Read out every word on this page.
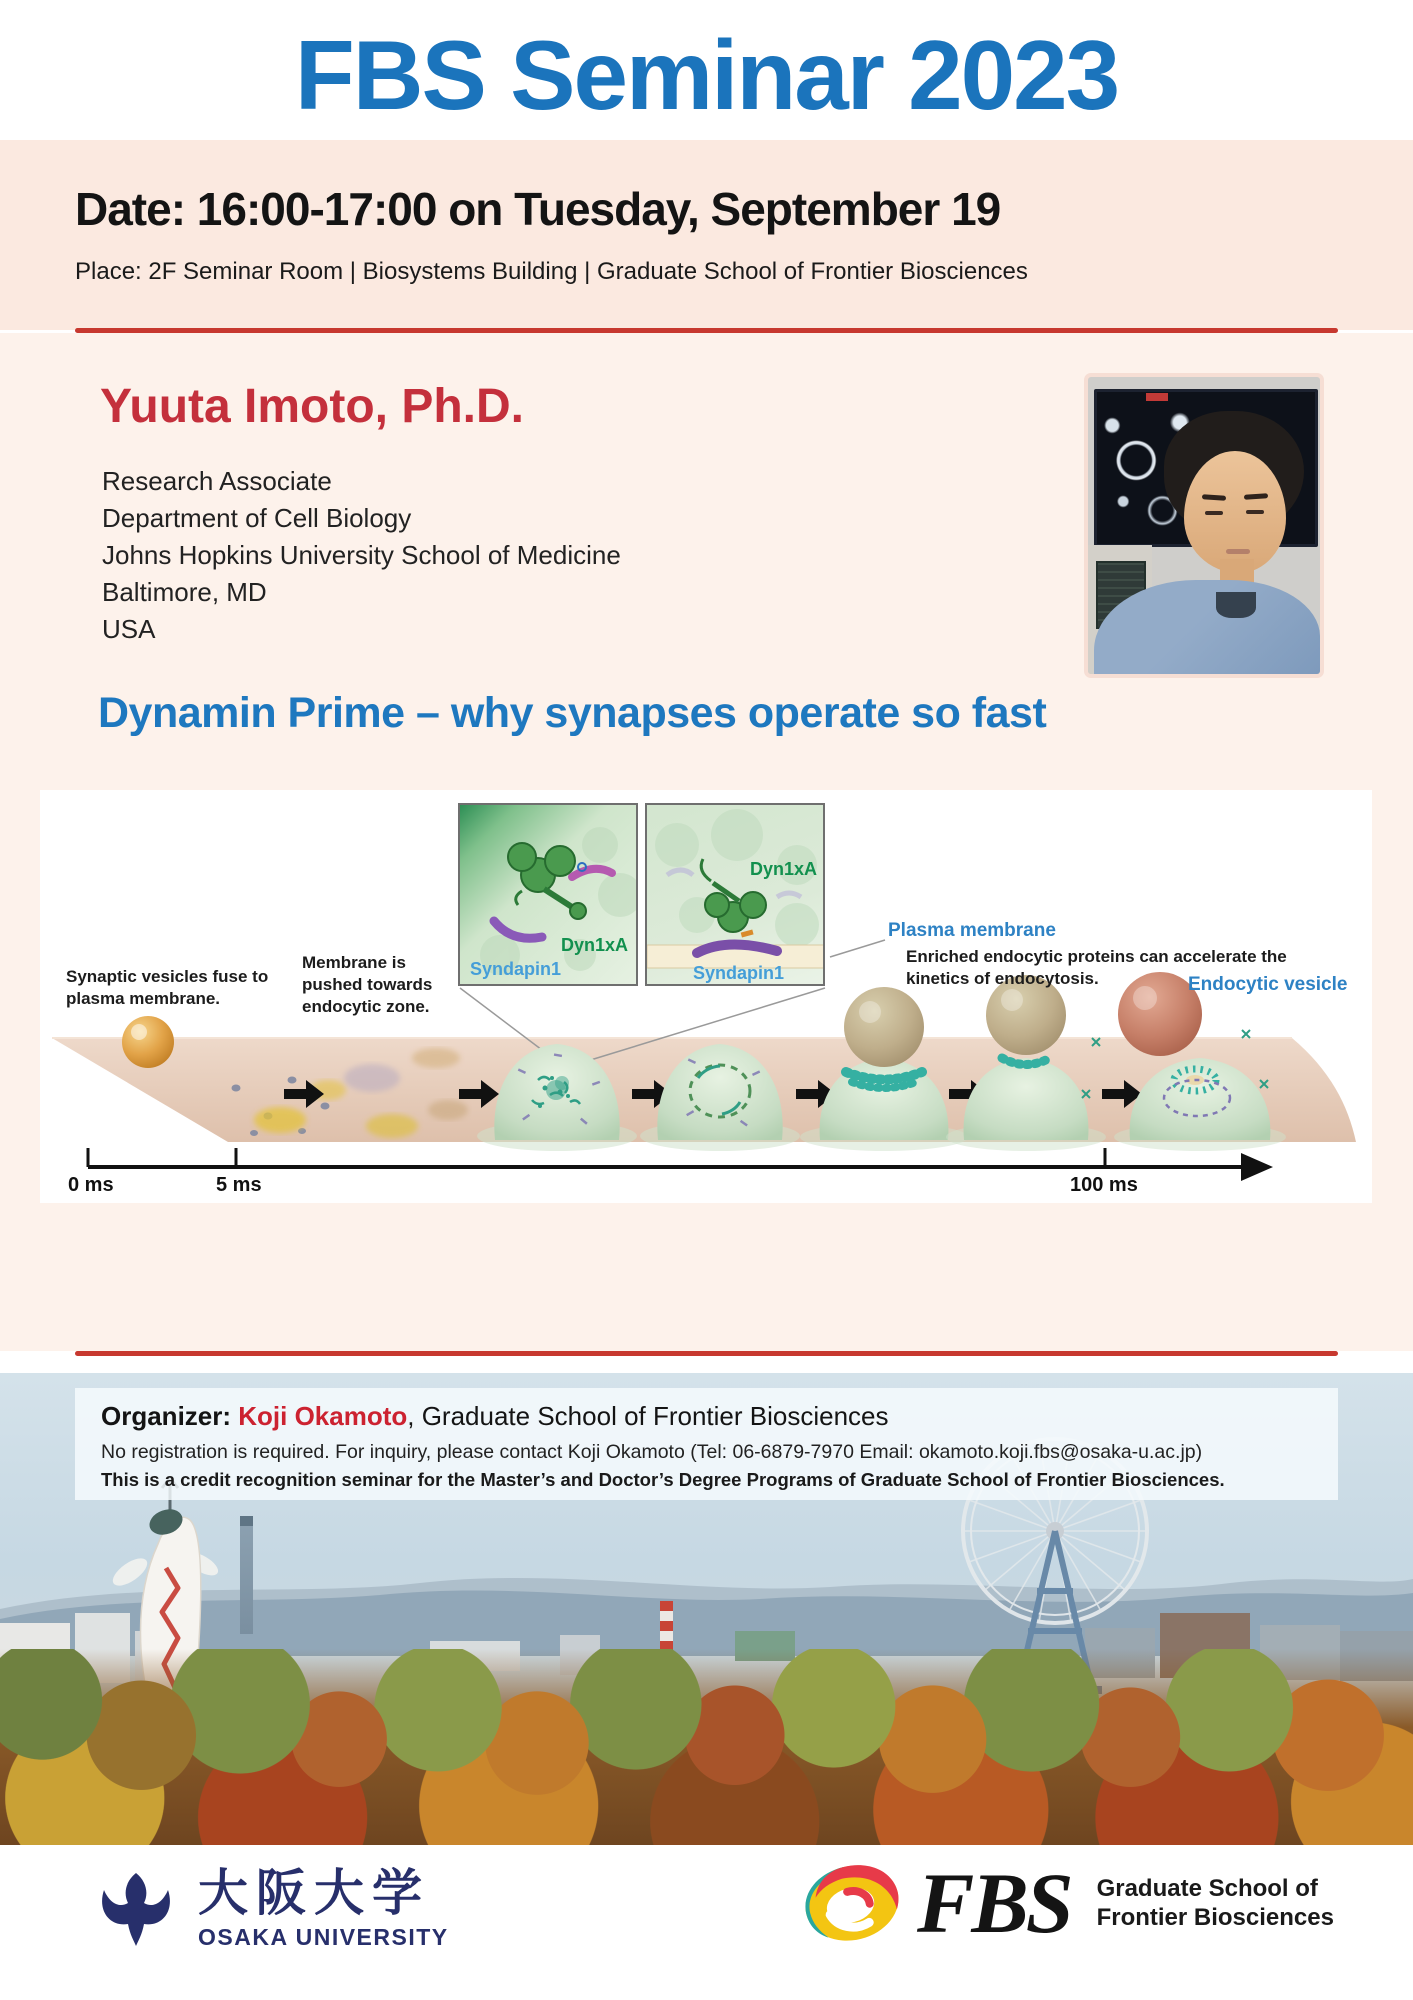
FBS Seminar 2023
Date: 16:00-17:00 on Tuesday, September 19
Place: 2F Seminar Room | Biosystems Building | Graduate School of Frontier Biosciences
Yuuta Imoto, Ph.D.
Research Associate
Department of Cell Biology
Johns Hopkins University School of Medicine
Baltimore, MD
USA
Dynamin Prime – why synapses operate so fast
Syndapin1
Dyn1xA
Dyn1xA
Syndapin1
Synaptic vesicles fuse to plasma membrane.
Membrane is pushed towards endocytic zone.
Enriched endocytic proteins can accelerate the kinetics of endocytosis.
Plasma membrane
Endocytic vesicle
0 ms	5 ms	100 ms

Organizer: Koji Okamoto, Graduate School of Frontier Biosciences

No registration is required. For inquiry, please contact Koji Okamoto (Tel: 06-6879-7970 Email: okamoto.koji.fbs@osaka-u.ac.jp)

This is a credit recognition seminar for the Master’s and Doctor’s Degree Programs of Graduate School of Frontier Biosciences.

大阪大学
OSAKA UNIVERSITY	FBS Graduate School of
Frontier Biosciences
